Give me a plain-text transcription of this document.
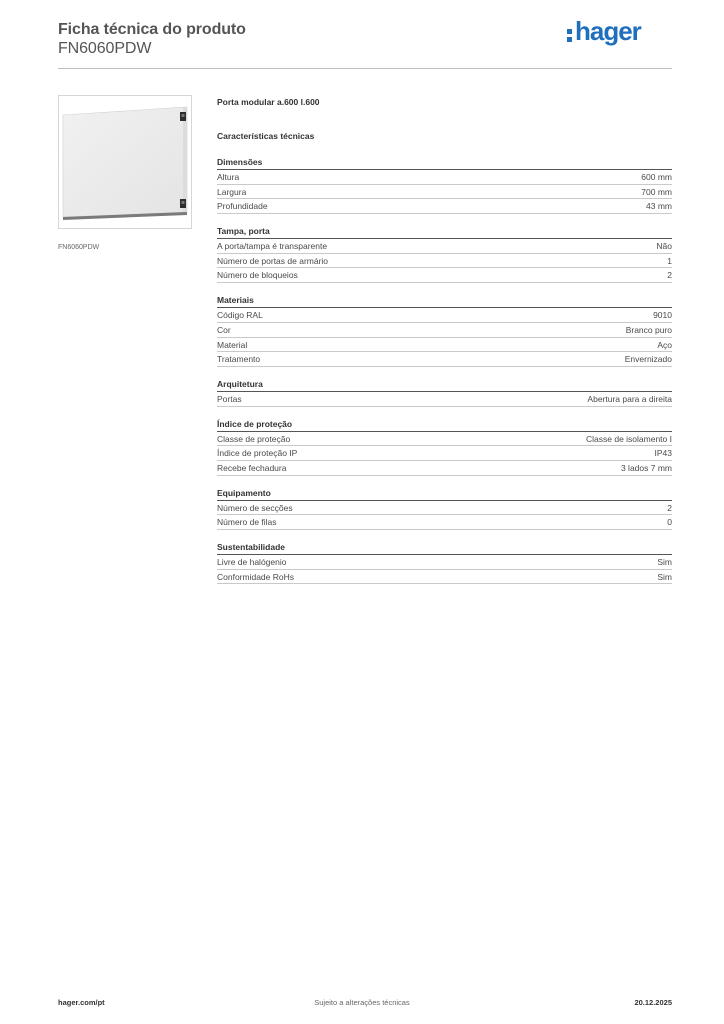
Ficha técnica do produto
FN6060PDW
hager
FN6060PDW
Porta modular a.600 l.600
Características técnicas
Dimensões
Altura	600 mm
Largura	700 mm
Profundidade	43 mm
Tampa, porta
A porta/tampa é transparente	Não
Número de portas de armário	1
Número de bloqueios	2
Materiais
Código RAL	9010
Cor	Branco puro
Material	Aço
Tratamento	Envernizado
Arquitetura
Portas	Abertura para a direita
Índice de proteção
Classe de proteção	Classe de isolamento I
Índice de proteção IP	IP43
Recebe fechadura	3 lados 7 mm
Equipamento
Número de secções	2
Número de filas	0
Sustentabilidade
Livre de halógenio	Sim
Conformidade RoHs	Sim
hager.com/pt	Sujeito a alterações técnicas	20.12.2025
